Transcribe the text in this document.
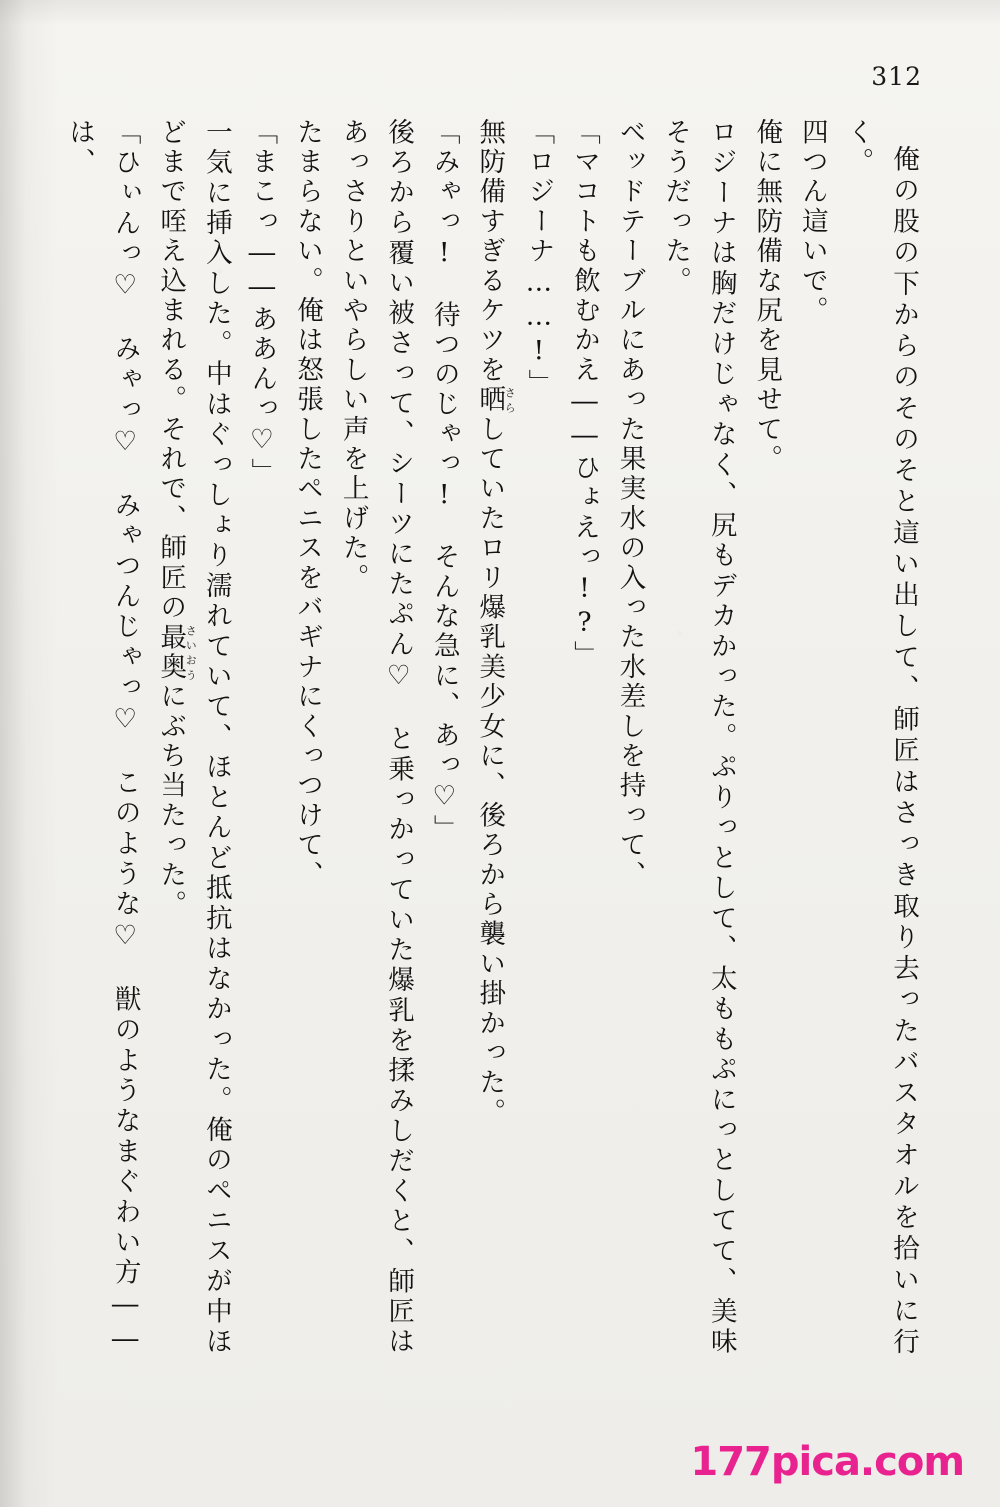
312

俺の股の下からのそのそと這い出して、師匠はさっき取り去ったバスタオルを拾いに行く。

四つん這いで。

俺に無防備な尻を見せて。

ロジーナは胸だけじゃなく、尻もデカかった。ぷりっとして、太ももぷにっとしてて、美味そうだった。

ベッドテーブルにあった果実水の入った水差しを持って、

「マコトも飲むかえ――ひょえっ!?」

「ロジーナ……!」

無防備すぎるケツを晒さらしていたロリ爆乳美少女に、後ろから襲い掛かった。

「みゃっ!　待つのじゃっ!　そんな急に、あっ♡」

後ろから覆い被さって、シーツにたぷん♡　と乗っかっていた爆乳を揉みしだくと、師匠はあっさりといやらしい声を上げた。

たまらない。俺は怒張したペニスをバギナにくっつけて、

「まこっ――ああんっ♡」

一気に挿入した。中はぐっしょり濡れていて、ほとんど抵抗はなかった。俺のペニスが中ほどまで咥え込まれる。それで、師匠の最奥さいおうにぶち当たった。

「ひぃんっ♡　みゃっ♡　みゃつんじゃっ♡　このような♡　獣のようなまぐわい方――は、

177pica.com
